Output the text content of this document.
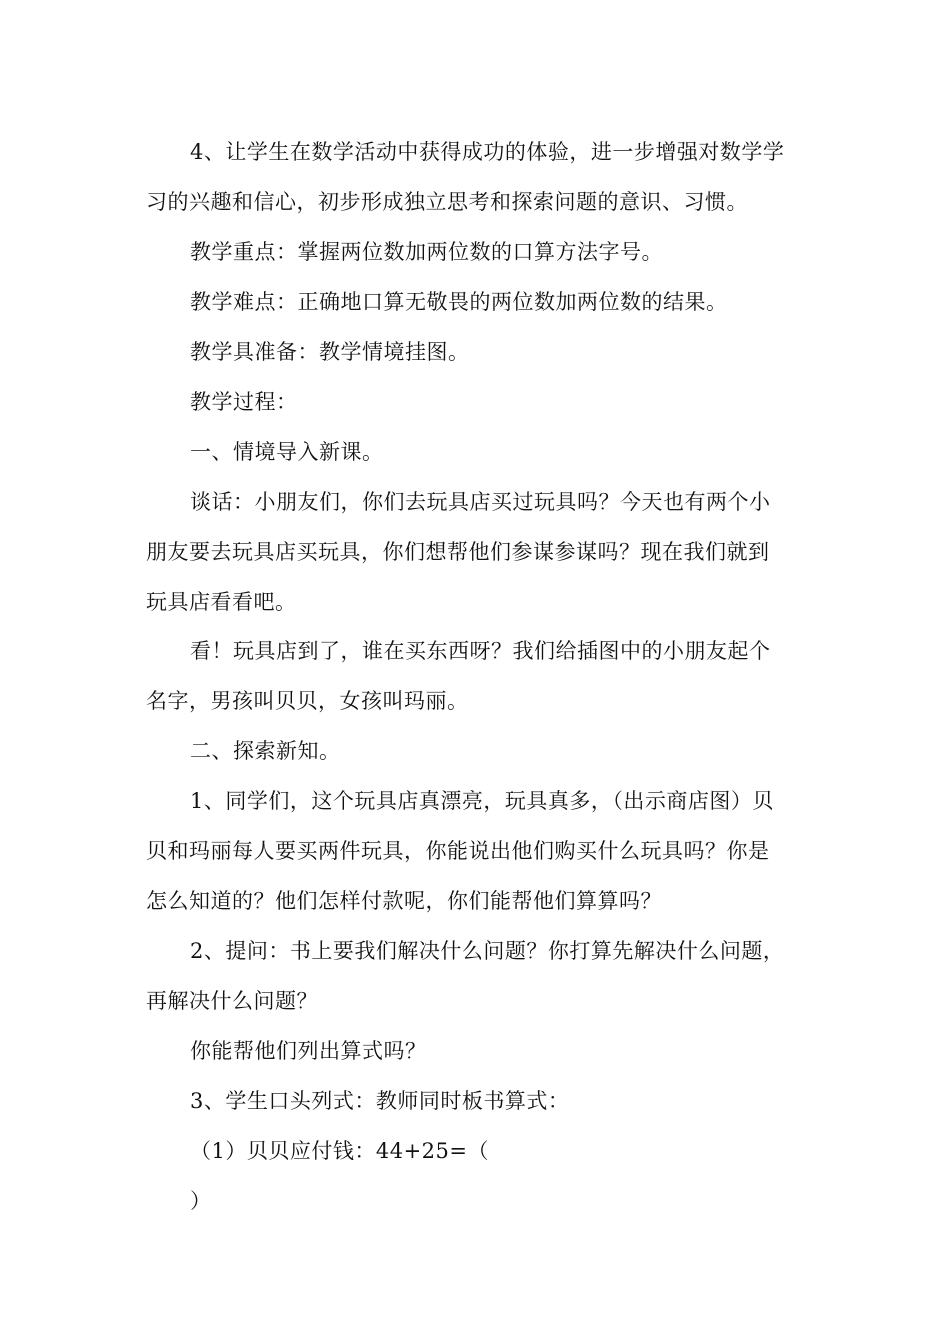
4、让学生在数学活动中获得成功的体验，进一步增强对数学学
习的兴趣和信心，初步形成独立思考和探索问题的意识、习惯。
教学重点：掌握两位数加两位数的口算方法字号。
教学难点：正确地口算无敬畏的两位数加两位数的结果。
教学具准备：教学情境挂图。
教学过程：
一、情境导入新课。
谈话：小朋友们，你们去玩具店买过玩具吗？今天也有两个小
朋友要去玩具店买玩具，你们想帮他们参谋参谋吗？现在我们就到
玩具店看看吧。
看！玩具店到了，谁在买东西呀？我们给插图中的小朋友起个
名字，男孩叫贝贝，女孩叫玛丽。
二、探索新知。
1、同学们，这个玩具店真漂亮，玩具真多，（出示商店图）贝
贝和玛丽每人要买两件玩具，你能说出他们购买什么玩具吗？你是
怎么知道的？他们怎样付款呢，你们能帮他们算算吗？
2、提问：书上要我们解决什么问题？你打算先解决什么问题，
再解决什么问题？
你能帮他们列出算式吗？
3、学生口头列式：教师同时板书算式：
（1）贝贝应付钱：44+25=（
）
